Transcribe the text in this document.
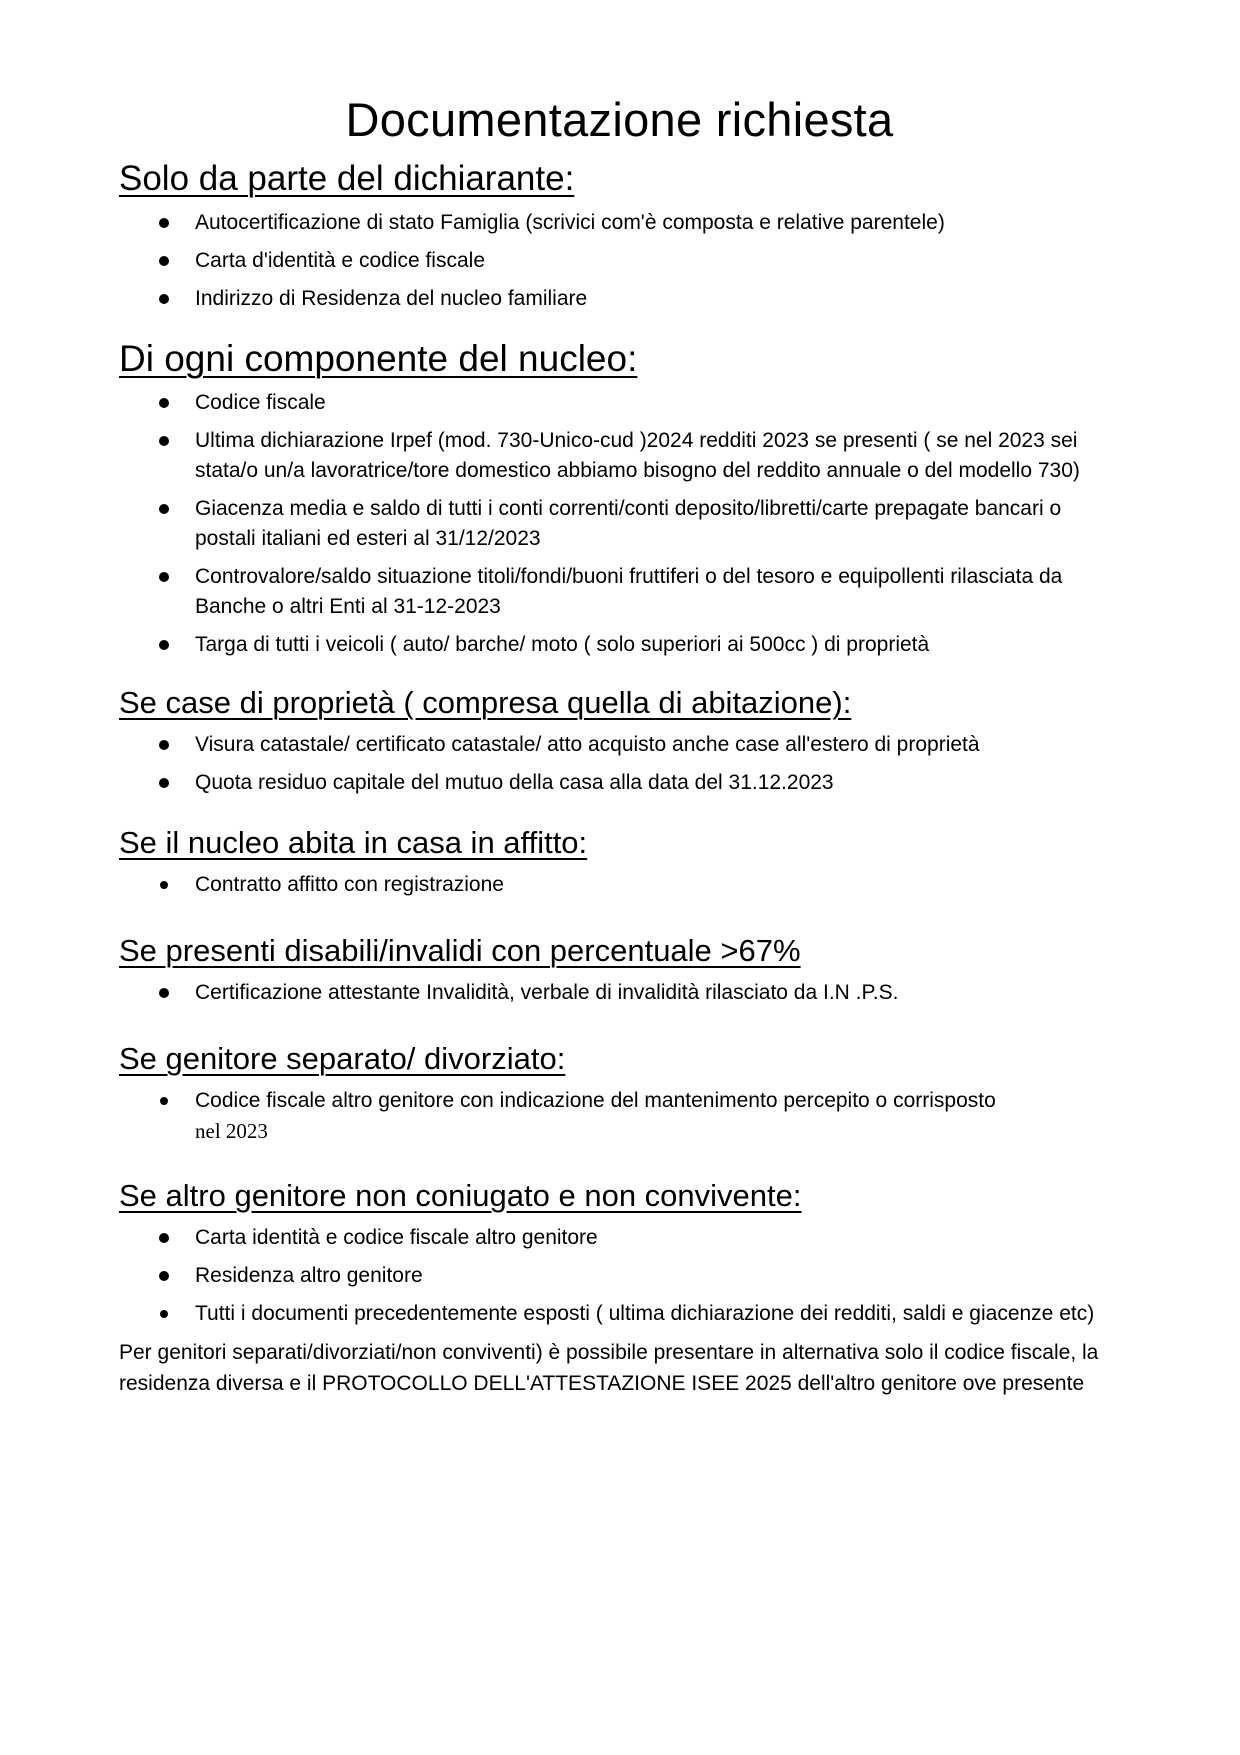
Documentazione richiesta
Solo da parte del dichiarante:
Autocertificazione di stato Famiglia (scrivici com'è composta e relative parentele)
Carta d'identità e codice fiscale
Indirizzo di Residenza del nucleo familiare
Di ogni componente del nucleo:
Codice fiscale
Ultima dichiarazione Irpef (mod. 730-Unico-cud )2024 redditi 2023 se presenti ( se nel 2023 sei stata/o un/a lavoratrice/tore domestico abbiamo bisogno del reddito annuale o del modello 730)
Giacenza media e saldo di tutti i conti correnti/conti deposito/libretti/carte prepagate bancari o postali italiani ed esteri al 31/12/2023
Controvalore/saldo situazione titoli/fondi/buoni fruttiferi o del tesoro e equipollenti rilasciata da Banche o altri Enti al 31-12-2023
Targa di tutti i veicoli ( auto/ barche/ moto ( solo superiori ai 500cc ) di proprietà
Se case di proprietà ( compresa quella di abitazione):
Visura catastale/ certificato catastale/ atto acquisto anche case all'estero di proprietà
Quota residuo capitale del mutuo della casa alla data del 31.12.2023
Se il nucleo abita in casa in affitto:
Contratto affitto con registrazione
Se presenti disabili/invalidi con percentuale >67%
Certificazione attestante Invalidità, verbale di invalidità rilasciato da I.N .P.S.
Se genitore separato/ divorziato:
Codice fiscale altro genitore con indicazione del mantenimento percepito o corrisposto
nel 2023
Se altro genitore non coniugato e non convivente:
Carta identità e codice fiscale altro genitore
Residenza altro genitore
Tutti i documenti precedentemente esposti ( ultima dichiarazione dei redditi, saldi e giacenze etc)

Per genitori separati/divorziati/non conviventi) è possibile presentare in alternativa solo il codice fiscale, la residenza diversa e il PROTOCOLLO DELL'ATTESTAZIONE ISEE 2025 dell'altro genitore ove presente
